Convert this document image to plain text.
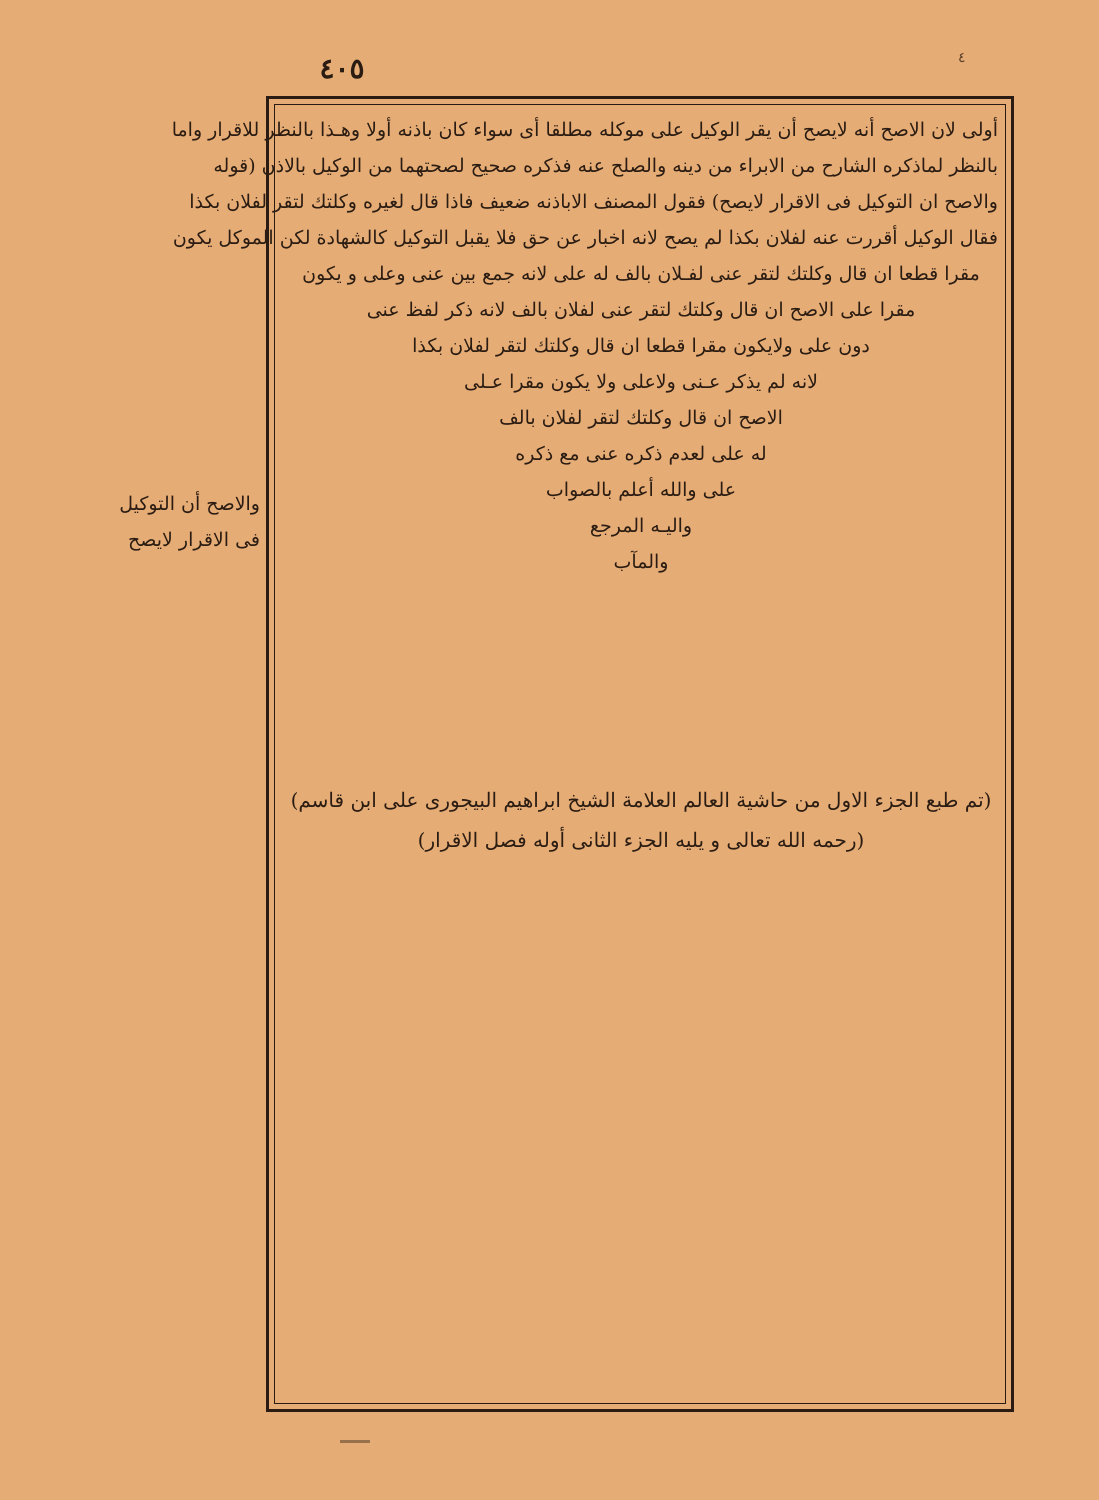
٤٠٥	٤
أولى لان الاصح أنه لايصح أن يقر الوكيل على موكله مطلقا أى سواء كان باذنه أولا وهـذا بالنظر للاقرار واما
بالنظر لماذكره الشارح من الابراء من دينه والصلح عنه فذكره صحيح لصحتهما من الوكيل بالاذن (قوله
والاصح ان التوكيل فى الاقرار لايصح) فقول المصنف الاباذنه ضعيف فاذا قال لغيره وكلتك لتقر لفلان بكذا
فقال الوكيل أقررت عنه لفلان بكذا لم يصح لانه اخبار عن حق فلا يقبل التوكيل كالشهادة لكن الموكل يكون
مقرا قطعا ان قال وكلتك لتقر عنى لفـلان بالف له على لانه جمع بين عنى وعلى و يكون
مقرا على الاصح ان قال وكلتك لتقر عنى لفلان بالف لانه ذكر لفظ عنى
دون على ولايكون مقرا قطعا ان قال وكلتك لتقر لفلان بكذا
لانه لم يذكر عـنى ولاعلى ولا يكون مقرا عـلى
الاصح ان قال وكلتك لتقر لفلان بالف
له على لعدم ذكره عنى مع ذكره
على والله أعلم بالصواب
واليـه المرجع
والمآب
(تم طبع الجزء الاول من حاشية العالم العلامة الشيخ ابراهيم البيجورى على ابن قاسم)
(رحمه الله تعالى و يليه الجزء الثانى أوله فصل الاقرار)
والاصح أن التوكيل
فى الاقرار لايصح
